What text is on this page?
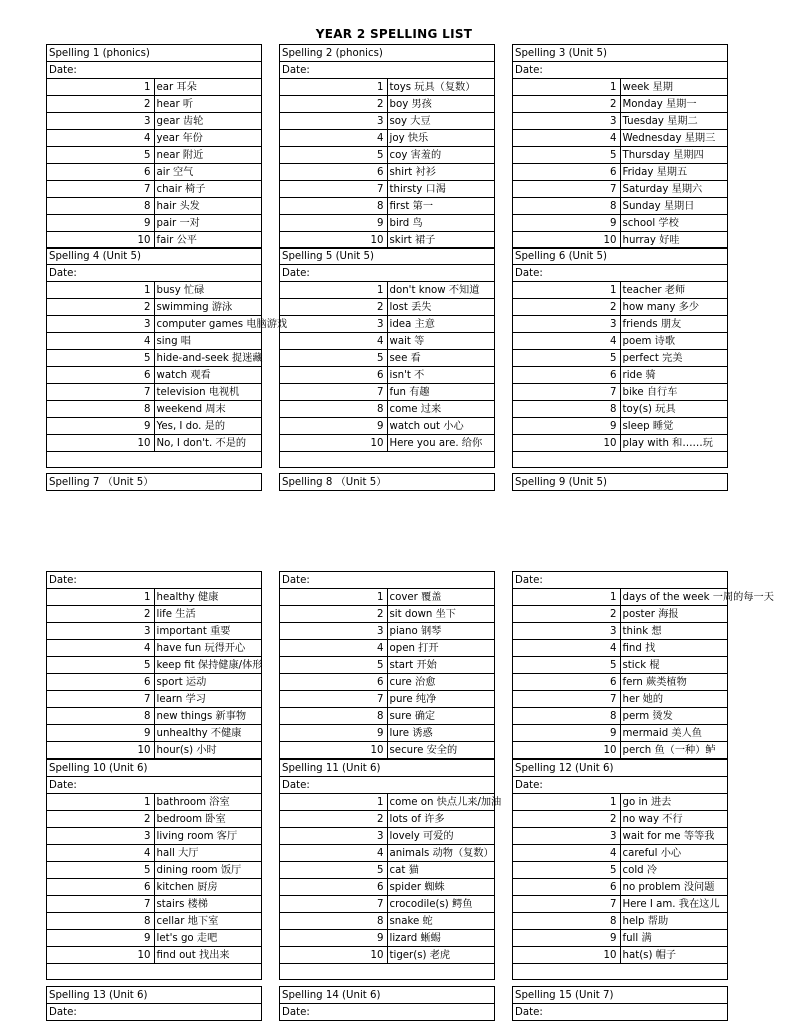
YEAR 2 SPELLING LIST
Spelling 1 (phonics)			Spelling 2 (phonics)			Spelling 3 (Unit 5)	
Date:			Date:			Date:	
1	ear 耳朵		1	toys 玩具（复数）		1	week 星期
2	hear 听		2	boy 男孩		2	Monday 星期一
3	gear 齿轮		3	soy 大豆		3	Tuesday 星期二
4	year 年份		4	joy 快乐		4	Wednesday 星期三
5	near 附近		5	coy 害羞的		5	Thursday 星期四
6	air 空气		6	shirt 衬衫		6	Friday 星期五
7	chair 椅子		7	thirsty 口渴		7	Saturday 星期六
8	hair 头发		8	first 第一		8	Sunday 星期日
9	pair 一对		9	bird 鸟		9	school 学校
10	fair 公平		10	skirt 裙子		10	hurray 好哇
Spelling 4 (Unit 5)			Spelling 5 (Unit 5)			Spelling 6 (Unit 5)	
Date:			Date:			Date:	
1	busy 忙碌		1	don't know 不知道		1	teacher 老师
2	swimming 游泳		2	lost 丢失		2	how many 多少
3	computer games 电脑游戏		3	idea 主意		3	friends 朋友
4	sing 唱		4	wait 等		4	poem 诗歌
5	hide-and-seek 捉迷藏		5	see 看		5	perfect 完美
6	watch 观看		6	isn't 不		6	ride 骑
7	television 电视机		7	fun 有趣		7	bike 自行车
8	weekend 周末		8	come 过来		8	toy(s) 玩具
9	Yes, I do. 是的		9	watch out 小心		9	sleep 睡觉
10	No, I don't. 不是的		10	Here you are. 给你		10	play with 和……玩

Spelling 7 （Unit 5）		Spelling 8 （Unit 5）		Spelling 9 (Unit 5)
Date:			Date:			Date:	
1	healthy 健康		1	cover 覆盖		1	days of the week 一周的每一天
2	life 生活		2	sit down 坐下		2	poster 海报
3	important 重要		3	piano 钢琴		3	think 想
4	have fun 玩得开心		4	open 打开		4	find 找
5	keep fit 保持健康/体形		5	start 开始		5	stick 棍
6	sport 运动		6	cure 治愈		6	fern 蕨类植物
7	learn 学习		7	pure 纯净		7	her 她的
8	new things 新事物		8	sure 确定		8	perm 烫发
9	unhealthy 不健康		9	lure 诱惑		9	mermaid 美人鱼
10	hour(s) 小时		10	secure 安全的		10	perch 鱼（一种）鲈
Spelling 10 (Unit 6)			Spelling 11 (Unit 6)			Spelling 12 (Unit 6)	
Date:			Date:			Date:	
1	bathroom 浴室		1	come on 快点儿来/加油		1	go in 进去
2	bedroom 卧室		2	lots of 许多		2	no way 不行
3	living room 客厅		3	lovely 可爱的		3	wait for me 等等我
4	hall 大厅		4	animals 动物（复数）		4	careful 小心
5	dining room 饭厅		5	cat 猫		5	cold 冷
6	kitchen 厨房		6	spider 蜘蛛		6	no problem 没问题
7	stairs 楼梯		7	crocodile(s) 鳄鱼		7	Here I am. 我在这儿
8	cellar 地下室		8	snake 蛇		8	help 帮助
9	let's go 走吧		9	lizard 蜥蜴		9	full 满
10	find out 找出来		10	tiger(s) 老虎		10	hat(s) 帽子

Spelling 13 (Unit 6)		Spelling 14 (Unit 6)		Spelling 15 (Unit 7)
Date:		Date:		Date:
